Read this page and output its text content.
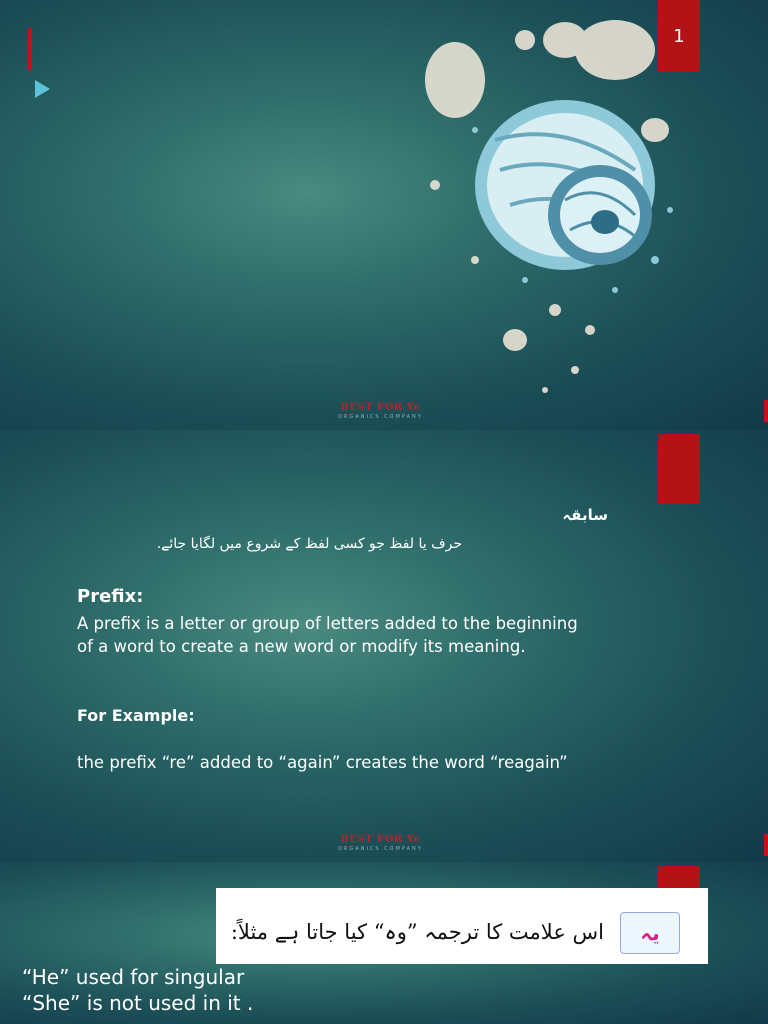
1
BEST FOR Ye
ORGANICS COMPANY
سابقہ
حرف یا لفظ جو کسی لفظ کے شروع میں لگایا جائے.
Prefix:
A prefix is a letter or group of letters added to the beginning of a word to create a new word or modify its meaning.
For Example:
the prefix “re” added to “again” creates the word “reagain”
BEST FOR Ye
ORGANICS COMPANY
یہ
اس علامت کا ترجمہ ”وہ“ کیا جاتا ہے مثلاً:
“He” used for singular
“She” is not used in it .
